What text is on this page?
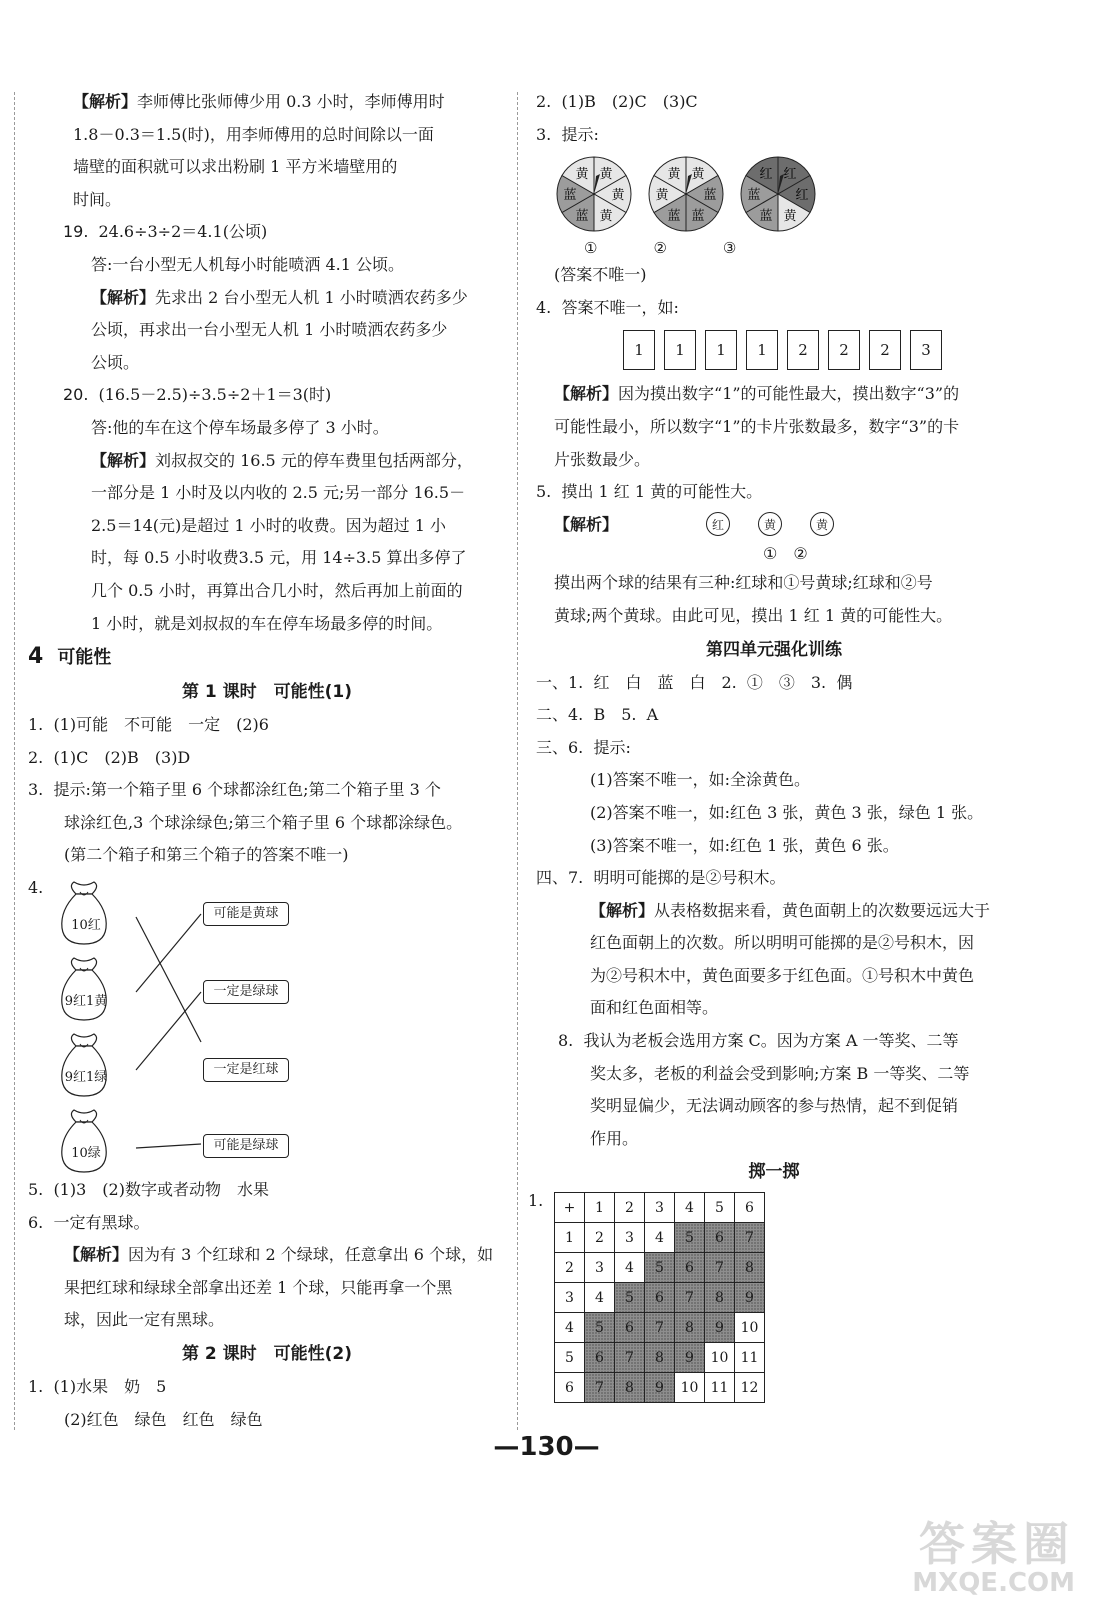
【解析】李师傅比张师傅少用 0.3 小时，李师傅用时
1.8－0.3＝1.5(时)，用李师傅用的总时间除以一面
墙壁的面积就可以求出粉刷 1 平方米墙壁用的
时间。
19. 24.6÷3÷2＝4.1(公顷)
答:一台小型无人机每小时能喷洒 4.1 公顷。
【解析】先求出 2 台小型无人机 1 小时喷洒农药多少
公顷，再求出一台小型无人机 1 小时喷洒农药多少
公顷。
20. (16.5－2.5)÷3.5÷2＋1＝3(时)
答:他的车在这个停车场最多停了 3 小时。
【解析】刘叔叔交的 16.5 元的停车费里包括两部分，
一部分是 1 小时及以内收的 2.5 元;另一部分 16.5－
2.5＝14(元)是超过 1 小时的收费。因为超过 1 小
时，每 0.5 小时收费3.5 元，用 14÷3.5 算出多停了
几个 0.5 小时，再算出合几小时，然后再加上前面的
1 小时，就是刘叔叔的车在停车场最多停的时间。
4 可能性
第 1 课时　可能性(1)
1.  (1)可能　不可能　一定　(2)6
2.  (1)C　(2)B　(3)D
3.  提示:第一个箱子里 6 个球都涂红色;第二个箱子里 3 个
球涂红色,3 个球涂绿色;第三个箱子里 6 个球都涂绿色。
(第二个箱子和第三个箱子的答案不唯一)
4.
10红
9红1黄
9红1绿
10绿
可能是黄球
一定是绿球
一定是红球
可能是绿球
5.  (1)3　(2)数字或者动物　水果
6.  一定有黑球。
【解析】因为有 3 个红球和 2 个绿球，任意拿出 6 个球，如
果把红球和绿球全部拿出还差 1 个球，只能再拿一个黑
球，因此一定有黑球。
第 2 课时　可能性(2)
1.  (1)水果　奶　5
(2)红色　绿色　红色　绿色
2.  (1)B　(2)C　(3)C
3.  提示:
黄
黄
黄
蓝
蓝
黄	黄
蓝
蓝
蓝
黄
黄	红
红
黄
蓝
蓝
红
①	②	③
(答案不唯一)
4.  答案不唯一，如:
1	1	1	1	2	2	2	3
【解析】因为摸出数字“1”的可能性最大，摸出数字“3”的
可能性最小，所以数字“1”的卡片张数最多，数字“3”的卡
片张数最少。
5.  摸出 1 红 1 黄的可能性大。
【解析】	红	黄	黄
①　②
摸出两个球的结果有三种:红球和①号黄球;红球和②号
黄球;两个黄球。由此可见，摸出 1 红 1 黄的可能性大。
第四单元强化训练
一、1.  红　白　蓝　白　2.  ①　③　3.  偶
二、4.  B　5.  A
三、6.  提示:
(1)答案不唯一，如:全涂黄色。
(2)答案不唯一，如:红色 3 张，黄色 3 张，绿色 1 张。
(3)答案不唯一，如:红色 1 张，黄色 6 张。
四、7.  明明可能掷的是②号积木。
【解析】从表格数据来看，黄色面朝上的次数要远远大于
红色面朝上的次数。所以明明可能掷的是②号积木，因
为②号积木中，黄色面要多于红色面。①号积木中黄色
面和红色面相等。
8.  我认为老板会选用方案 C。因为方案 A 一等奖、二等
奖太多，老板的利益会受到影响;方案 B 一等奖、二等
奖明显偏少，无法调动顾客的参与热情，起不到促销
作用。
掷一掷
1. +	1	2	3	4	5	6
1	2	3	4	5	6	7
2	3	4	5	6	7	8
3	4	5	6	7	8	9
4	5	6	7	8	9	10
5	6	7	8	9	10	11
6	7	8	9	10	11	12
—130—
答案圈
MXQE.COM
